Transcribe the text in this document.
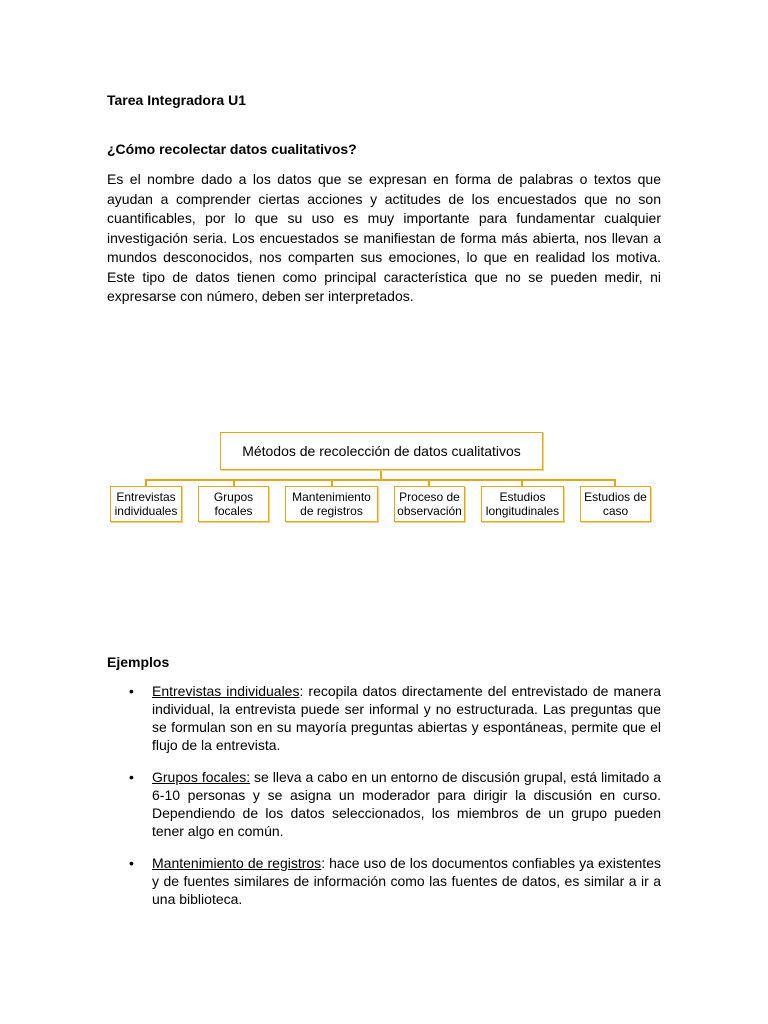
Tarea Integradora U1
¿Cómo recolectar datos cualitativos?

Es el nombre dado a los datos que se expresan en forma de palabras o textos que ayudan a comprender ciertas acciones y actitudes de los encuestados que no son cuantificables, por lo que su uso es muy importante para fundamentar cualquier investigación seria. Los encuestados se manifiestan de forma más abierta, nos llevan a mundos desconocidos, nos comparten sus emociones, lo que en realidad los motiva. Este tipo de datos tienen como principal característica que no se pueden medir, ni expresarse con número, deben ser interpretados.

Métodos de recolección de datos cualitativos
Entrevistas individuales
Grupos focales
Mantenimiento de registros
Proceso de observación
Estudios longitudinales
Estudios de caso
Ejemplos
• Entrevistas individuales: recopila datos directamente del entrevistado de manera individual, la entrevista puede ser informal y no estructurada. Las preguntas que se formulan son en su mayoría preguntas abiertas y espontáneas, permite que el flujo de la entrevista.
• Grupos focales: se lleva a cabo en un entorno de discusión grupal, está limitado a 6-10 personas y se asigna un moderador para dirigir la discusión en curso. Dependiendo de los datos seleccionados, los miembros de un grupo pueden tener algo en común.
• Mantenimiento de registros: hace uso de los documentos confiables ya existentes y de fuentes similares de información como las fuentes de datos, es similar a ir a una biblioteca.
